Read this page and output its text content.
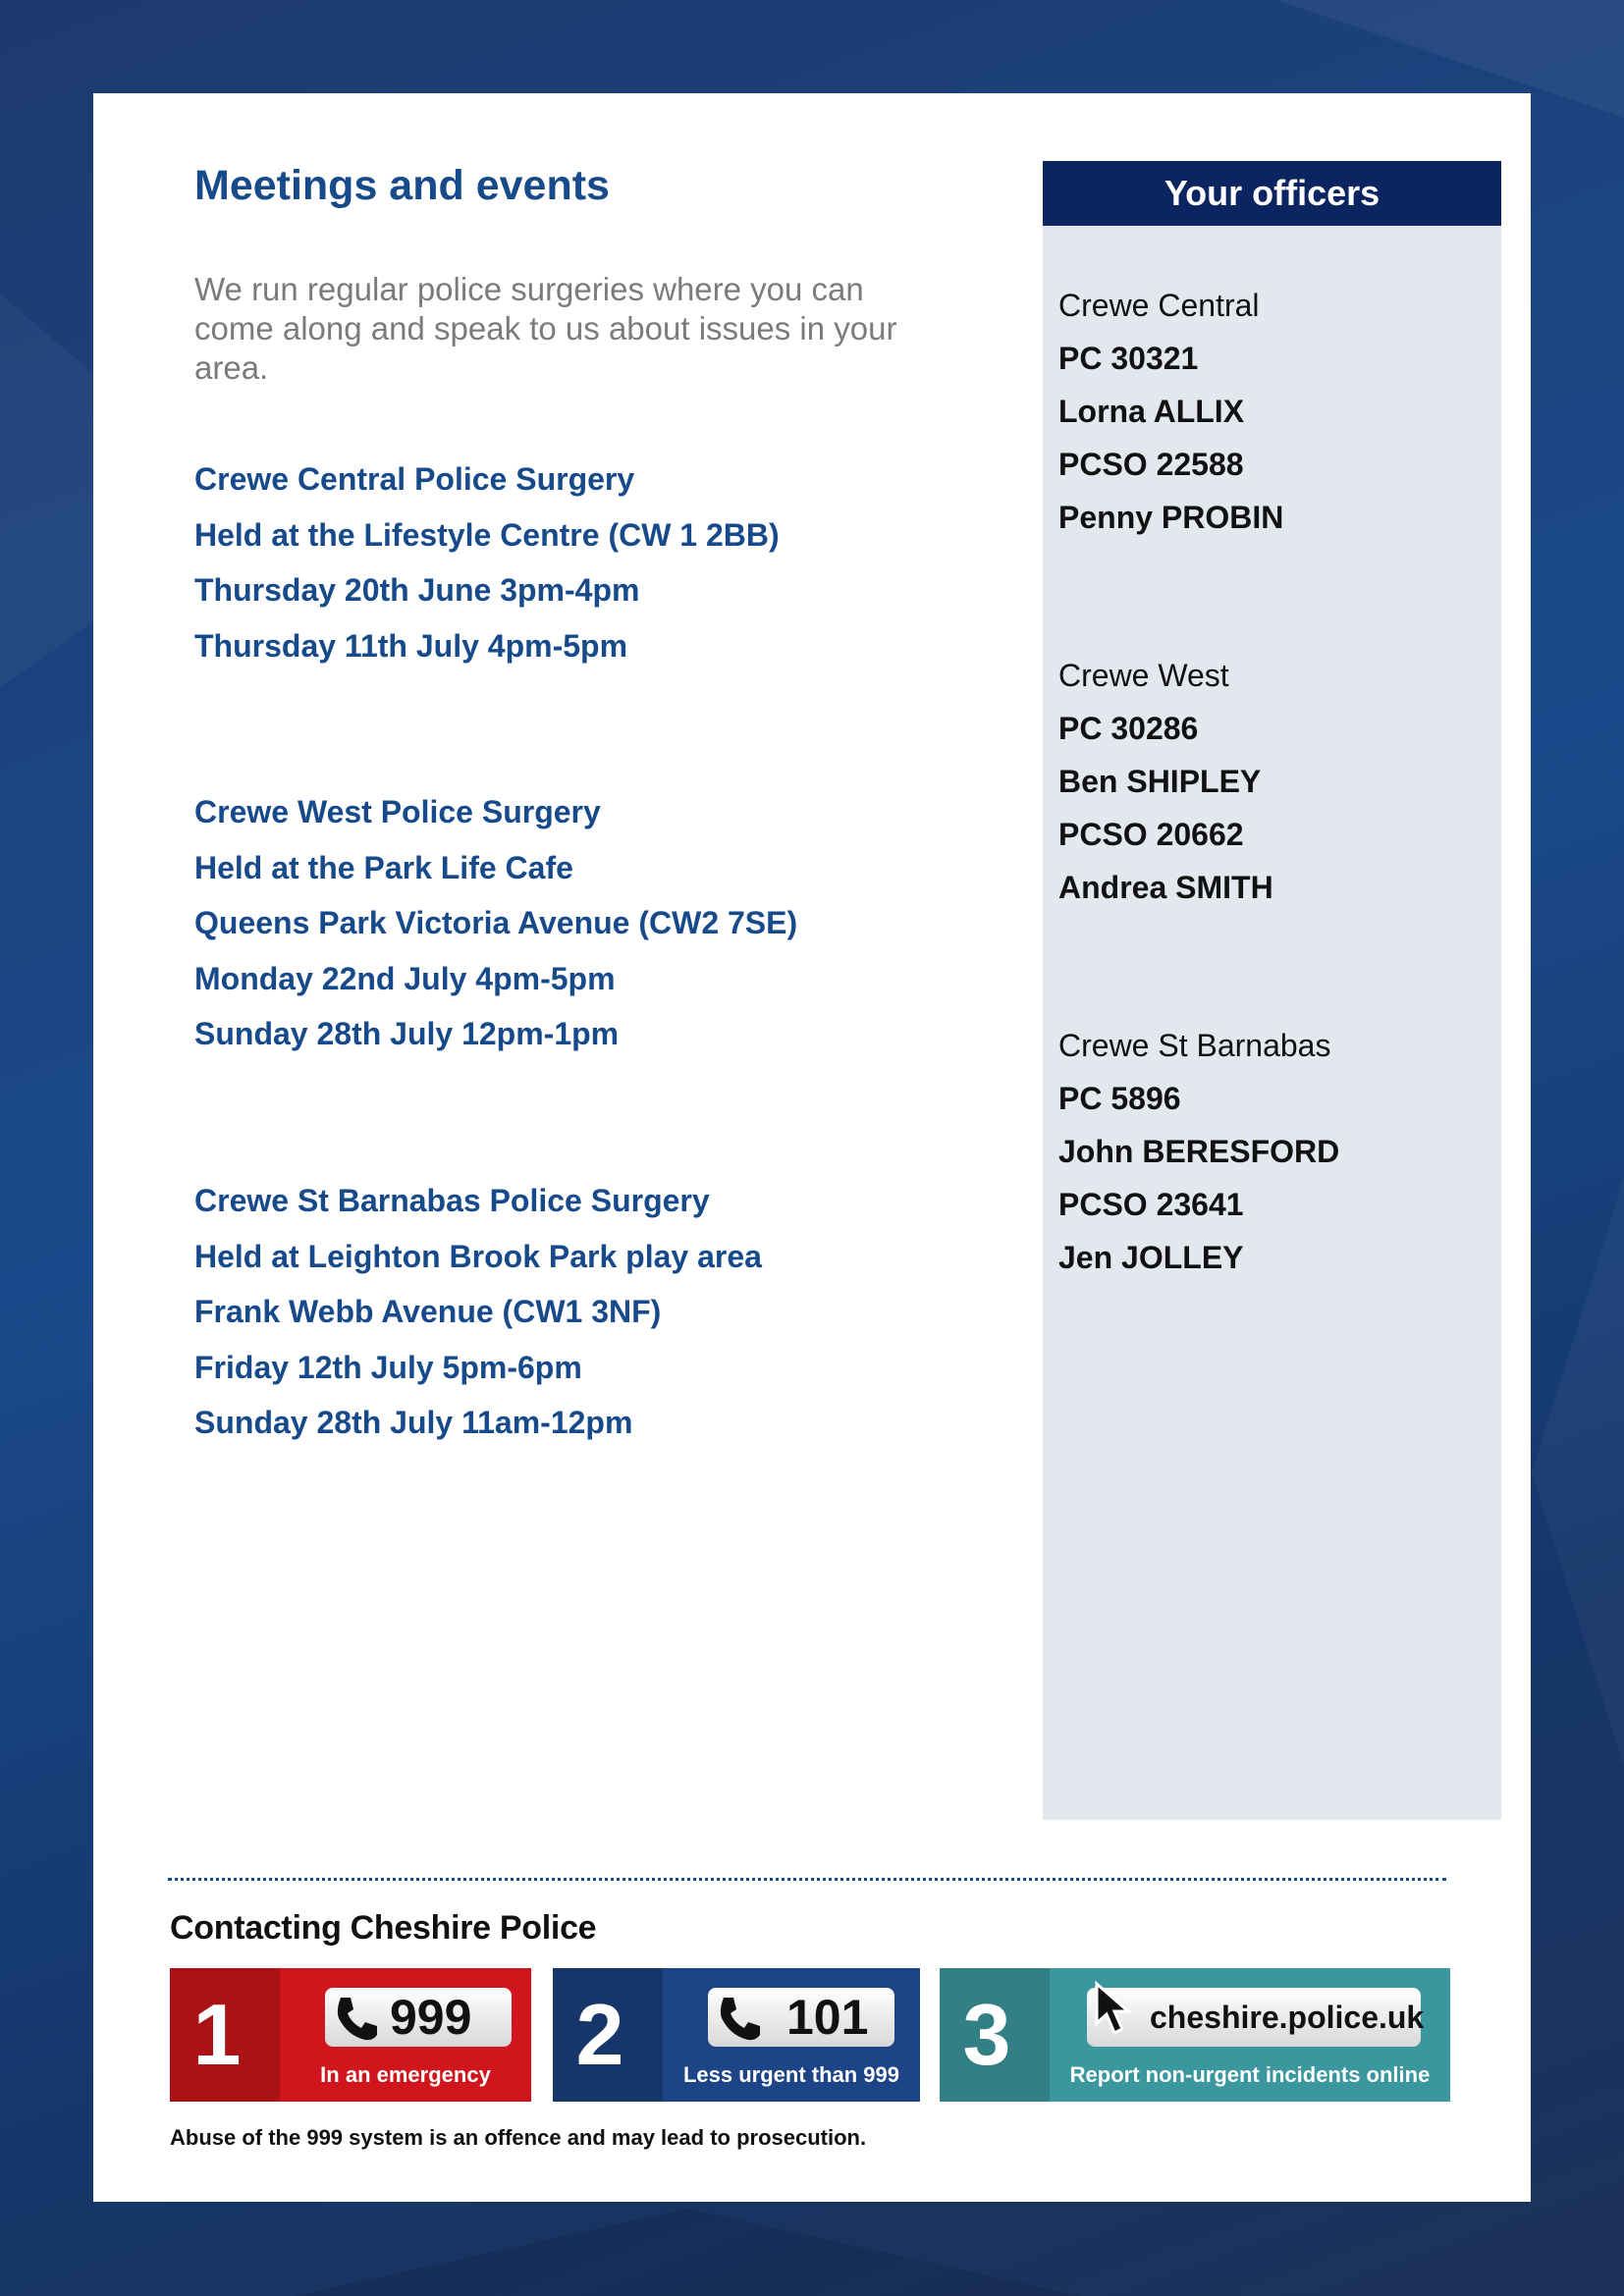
Meetings and events

We run regular police surgeries where you can come along and speak to us about issues in your area.

Crewe Central Police Surgery
Held at the Lifestyle Centre (CW 1 2BB)
Thursday 20th June 3pm-4pm
Thursday 11th July 4pm-5pm
Crewe West Police Surgery
Held at the Park Life Cafe
Queens Park Victoria Avenue (CW2 7SE)
Monday 22nd July 4pm-5pm
Sunday 28th July 12pm-1pm
Crewe St Barnabas Police Surgery
Held at Leighton Brook Park play area
Frank Webb Avenue (CW1 3NF)
Friday 12th July 5pm-6pm
Sunday 28th July 11am-12pm
Your officers
Crewe Central
PC 30321
Lorna ALLIX
PCSO 22588
Penny PROBIN
Crewe West
PC 30286
Ben SHIPLEY
PCSO 20662
Andrea SMITH
Crewe St Barnabas
PC 5896
John BERESFORD
PCSO 23641
Jen JOLLEY
Contacting Cheshire Police
1	999
In an emergency 2	101
Less urgent than 999 3	cheshire.police.uk
Report non-urgent incidents online

Abuse of the 999 system is an offence and may lead to prosecution.
